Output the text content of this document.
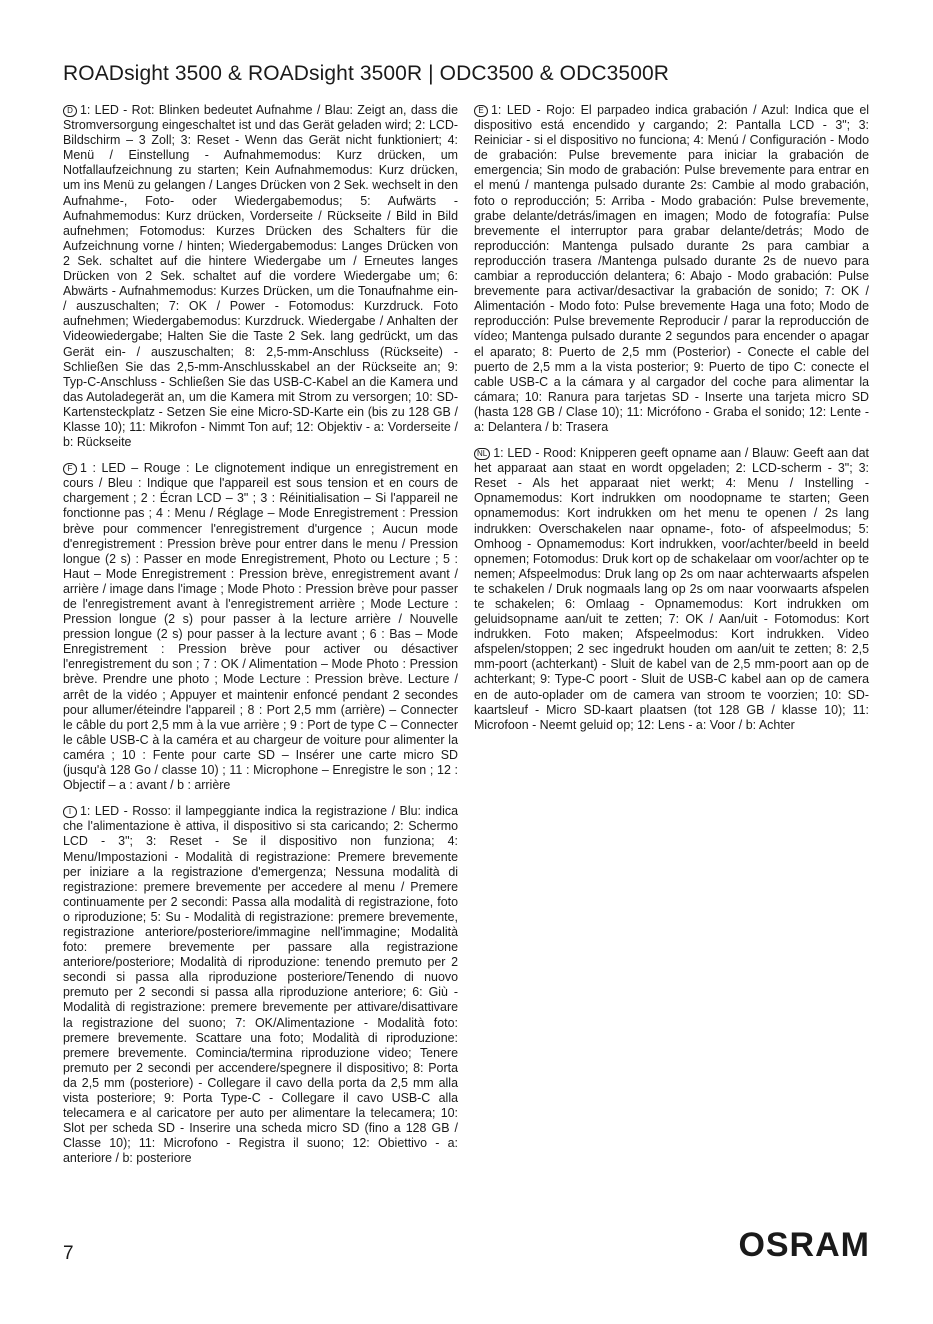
ROADsight 3500 & ROADsight 3500R | ODC3500 & ODC3500R

D 1: LED - Rot: Blinken bedeutet Aufnahme / Blau: Zeigt an, dass die Stromversorgung eingeschaltet ist und das Gerät geladen wird; 2: LCD-Bildschirm – 3 Zoll; 3: Reset - Wenn das Gerät nicht funktioniert; 4: Menü / Einstellung - Aufnahmemodus: Kurz drücken, um Notfallaufzeichnung zu starten; Kein Aufnahmemodus: Kurz drücken, um ins Menü zu gelangen / Langes Drücken von 2 Sek. wechselt in den Aufnahme-, Foto- oder Wiedergabemodus; 5: Aufwärts - Aufnahmemodus: Kurz drücken, Vorderseite / Rückseite / Bild in Bild aufnehmen; Fotomodus: Kurzes Drücken des Schalters für die Aufzeichnung vorne / hinten; Wiedergabemodus: Langes Drücken von 2 Sek. schaltet auf die hintere Wiedergabe um / Erneutes langes Drücken von 2 Sek. schaltet auf die vordere Wiedergabe um; 6: Abwärts - Aufnahmemodus: Kurzes Drücken, um die Tonaufnahme ein- / auszuschalten; 7: OK / Power - Fotomodus: Kurzdruck. Foto aufnehmen; Wiedergabemodus: Kurzdruck. Wiedergabe / Anhalten der Videowiedergabe; Halten Sie die Taste 2 Sek. lang gedrückt, um das Gerät ein- / auszuschalten; 8: 2,5-mm-Anschluss (Rückseite) - Schließen Sie das 2,5-mm-Anschlusskabel an der Rückseite an; 9: Typ-C-Anschluss - Schließen Sie das USB-C-Kabel an die Kamera und das Autoladegerät an, um die Kamera mit Strom zu versorgen; 10: SD-Kartensteckplatz - Setzen Sie eine Micro-SD-Karte ein (bis zu 128 GB / Klasse 10); 11: Mikrofon - Nimmt Ton auf; 12: Objektiv - a: Vorderseite / b: Rückseite

F 1 : LED – Rouge : Le clignotement indique un enregistrement en cours / Bleu : Indique que l'appareil est sous tension et en cours de chargement ; 2 : Écran LCD – 3" ; 3 : Réinitialisation – Si l'appareil ne fonctionne pas ; 4 : Menu / Réglage – Mode Enregistrement : Pression brève pour commencer l'enregistrement d'urgence ; Aucun mode d'enregistrement : Pression brève pour entrer dans le menu / Pression longue (2 s) : Passer en mode Enregistrement, Photo ou Lecture ; 5 : Haut – Mode Enregistrement : Pression brève, enregistrement avant / arrière / image dans l'image ; Mode Photo : Pression brève pour passer de l'enregistrement avant à l'enregistrement arrière ; Mode Lecture : Pression longue (2 s) pour passer à la lecture arrière / Nouvelle pression longue (2 s) pour passer à la lecture avant ; 6 : Bas – Mode Enregistrement : Pression brève pour activer ou désactiver l'enregistrement du son ; 7 : OK / Alimentation – Mode Photo : Pression brève. Prendre une photo ; Mode Lecture : Pression brève. Lecture / arrêt de la vidéo ; Appuyer et maintenir enfoncé pendant 2 secondes pour allumer/éteindre l'appareil ; 8 : Port 2,5 mm (arrière) – Connecter le câble du port 2,5 mm à la vue arrière ; 9 : Port de type C – Connecter le câble USB-C à la caméra et au chargeur de voiture pour alimenter la caméra ; 10 : Fente pour carte SD – Insérer une carte micro SD (jusqu'à 128 Go / classe 10) ; 11 : Microphone – Enregistre le son ; 12 : Objectif – a : avant / b : arrière

I 1: LED - Rosso: il lampeggiante indica la registrazione / Blu: indica che l'alimentazione è attiva, il dispositivo si sta caricando; 2: Schermo LCD - 3"; 3: Reset - Se il dispositivo non funziona; 4: Menu/Impostazioni - Modalità di registrazione: Premere brevemente per iniziare a la registrazione d'emergenza; Nessuna modalità di registrazione: premere brevemente per accedere al menu / Premere continuamente per 2 secondi: Passa alla modalità di registrazione, foto o riproduzione; 5: Su - Modalità di registrazione: premere brevemente, registrazione anteriore/posteriore/immagine nell'immagine; Modalità foto: premere brevemente per passare alla registrazione anteriore/posteriore; Modalità di riproduzione: tenendo premuto per 2 secondi si passa alla riproduzione posteriore/Tenendo di nuovo premuto per 2 secondi si passa alla riproduzione anteriore; 6: Giù - Modalità di registrazione: premere brevemente per attivare/disattivare la registrazione del suono; 7: OK/Alimentazione - Modalità foto: premere brevemente. Scattare una foto; Modalità di riproduzione: premere brevemente. Comincia/termina riproduzione video; Tenere premuto per 2 secondi per accendere/spegnere il dispositivo; 8: Porta da 2,5 mm (posteriore) - Collegare il cavo della porta da 2,5 mm alla vista posteriore; 9: Porta Type-C - Collegare il cavo USB-C alla telecamera e al caricatore per auto per alimentare la telecamera; 10: Slot per scheda SD - Inserire una scheda micro SD (fino a 128 GB / Classe 10); 11: Microfono - Registra il suono; 12: Obiettivo - a: anteriore / b: posteriore

E 1: LED - Rojo: El parpadeo indica grabación / Azul: Indica que el dispositivo está encendido y cargando; 2: Pantalla LCD - 3"; 3: Reiniciar - si el dispositivo no funciona; 4: Menú / Configuración - Modo de grabación: Pulse brevemente para iniciar la grabación de emergencia; Sin modo de grabación: Pulse brevemente para entrar en el menú / mantenga pulsado durante 2s: Cambie al modo grabación, foto o reproducción; 5: Arriba - Modo grabación: Pulse brevemente, grabe delante/detrás/imagen en imagen; Modo de fotografía: Pulse brevemente el interruptor para grabar delante/detrás; Modo de reproducción: Mantenga pulsado durante 2s para cambiar a reproducción trasera /Mantenga pulsado durante 2s de nuevo para cambiar a reproducción delantera; 6: Abajo - Modo grabación: Pulse brevemente para activar/desactivar la grabación de sonido; 7: OK / Alimentación - Modo foto: Pulse brevemente Haga una foto; Modo de reproducción: Pulse brevemente Reproducir / parar la reproducción de vídeo; Mantenga pulsado durante 2 segundos para encender o apagar el aparato; 8: Puerto de 2,5 mm (Posterior) - Conecte el cable del puerto de 2,5 mm a la vista posterior; 9: Puerto de tipo C: conecte el cable USB-C a la cámara y al cargador del coche para alimentar la cámara; 10: Ranura para tarjetas SD - Inserte una tarjeta micro SD (hasta 128 GB / Clase 10); 11: Micrófono - Graba el sonido; 12: Lente - a: Delantera / b: Trasera

NL 1: LED - Rood: Knipperen geeft opname aan / Blauw: Geeft aan dat het apparaat aan staat en wordt opgeladen; 2: LCD-scherm - 3"; 3: Reset - Als het apparaat niet werkt; 4: Menu / Instelling - Opnamemodus: Kort indrukken om noodopname te starten; Geen opnamemodus: Kort indrukken om het menu te openen / 2s lang indrukken: Overschakelen naar opname-, foto- of afspeelmodus; 5: Omhoog - Opnamemodus: Kort indrukken, voor/achter/beeld in beeld opnemen; Fotomodus: Druk kort op de schakelaar om voor/achter op te nemen; Afspeelmodus: Druk lang op 2s om naar achterwaarts afspelen te schakelen / Druk nogmaals lang op 2s om naar voorwaarts afspelen te schakelen; 6: Omlaag - Opnamemodus: Kort indrukken om geluidsopname aan/uit te zetten; 7: OK / Aan/uit - Fotomodus: Kort indrukken. Foto maken; Afspeelmodus: Kort indrukken. Video afspelen/stoppen; 2 sec ingedrukt houden om aan/uit te zetten; 8: 2,5 mm-poort (achterkant) - Sluit de kabel van de 2,5 mm-poort aan op de achterkant; 9: Type-C poort - Sluit de USB-C kabel aan op de camera en de auto-oplader om de camera van stroom te voorzien; 10: SD-kaartsleuf - Micro SD-kaart plaatsen (tot 128 GB / klasse 10); 11: Microfoon - Neemt geluid op; 12: Lens - a: Voor / b: Achter

7	OSRAM
